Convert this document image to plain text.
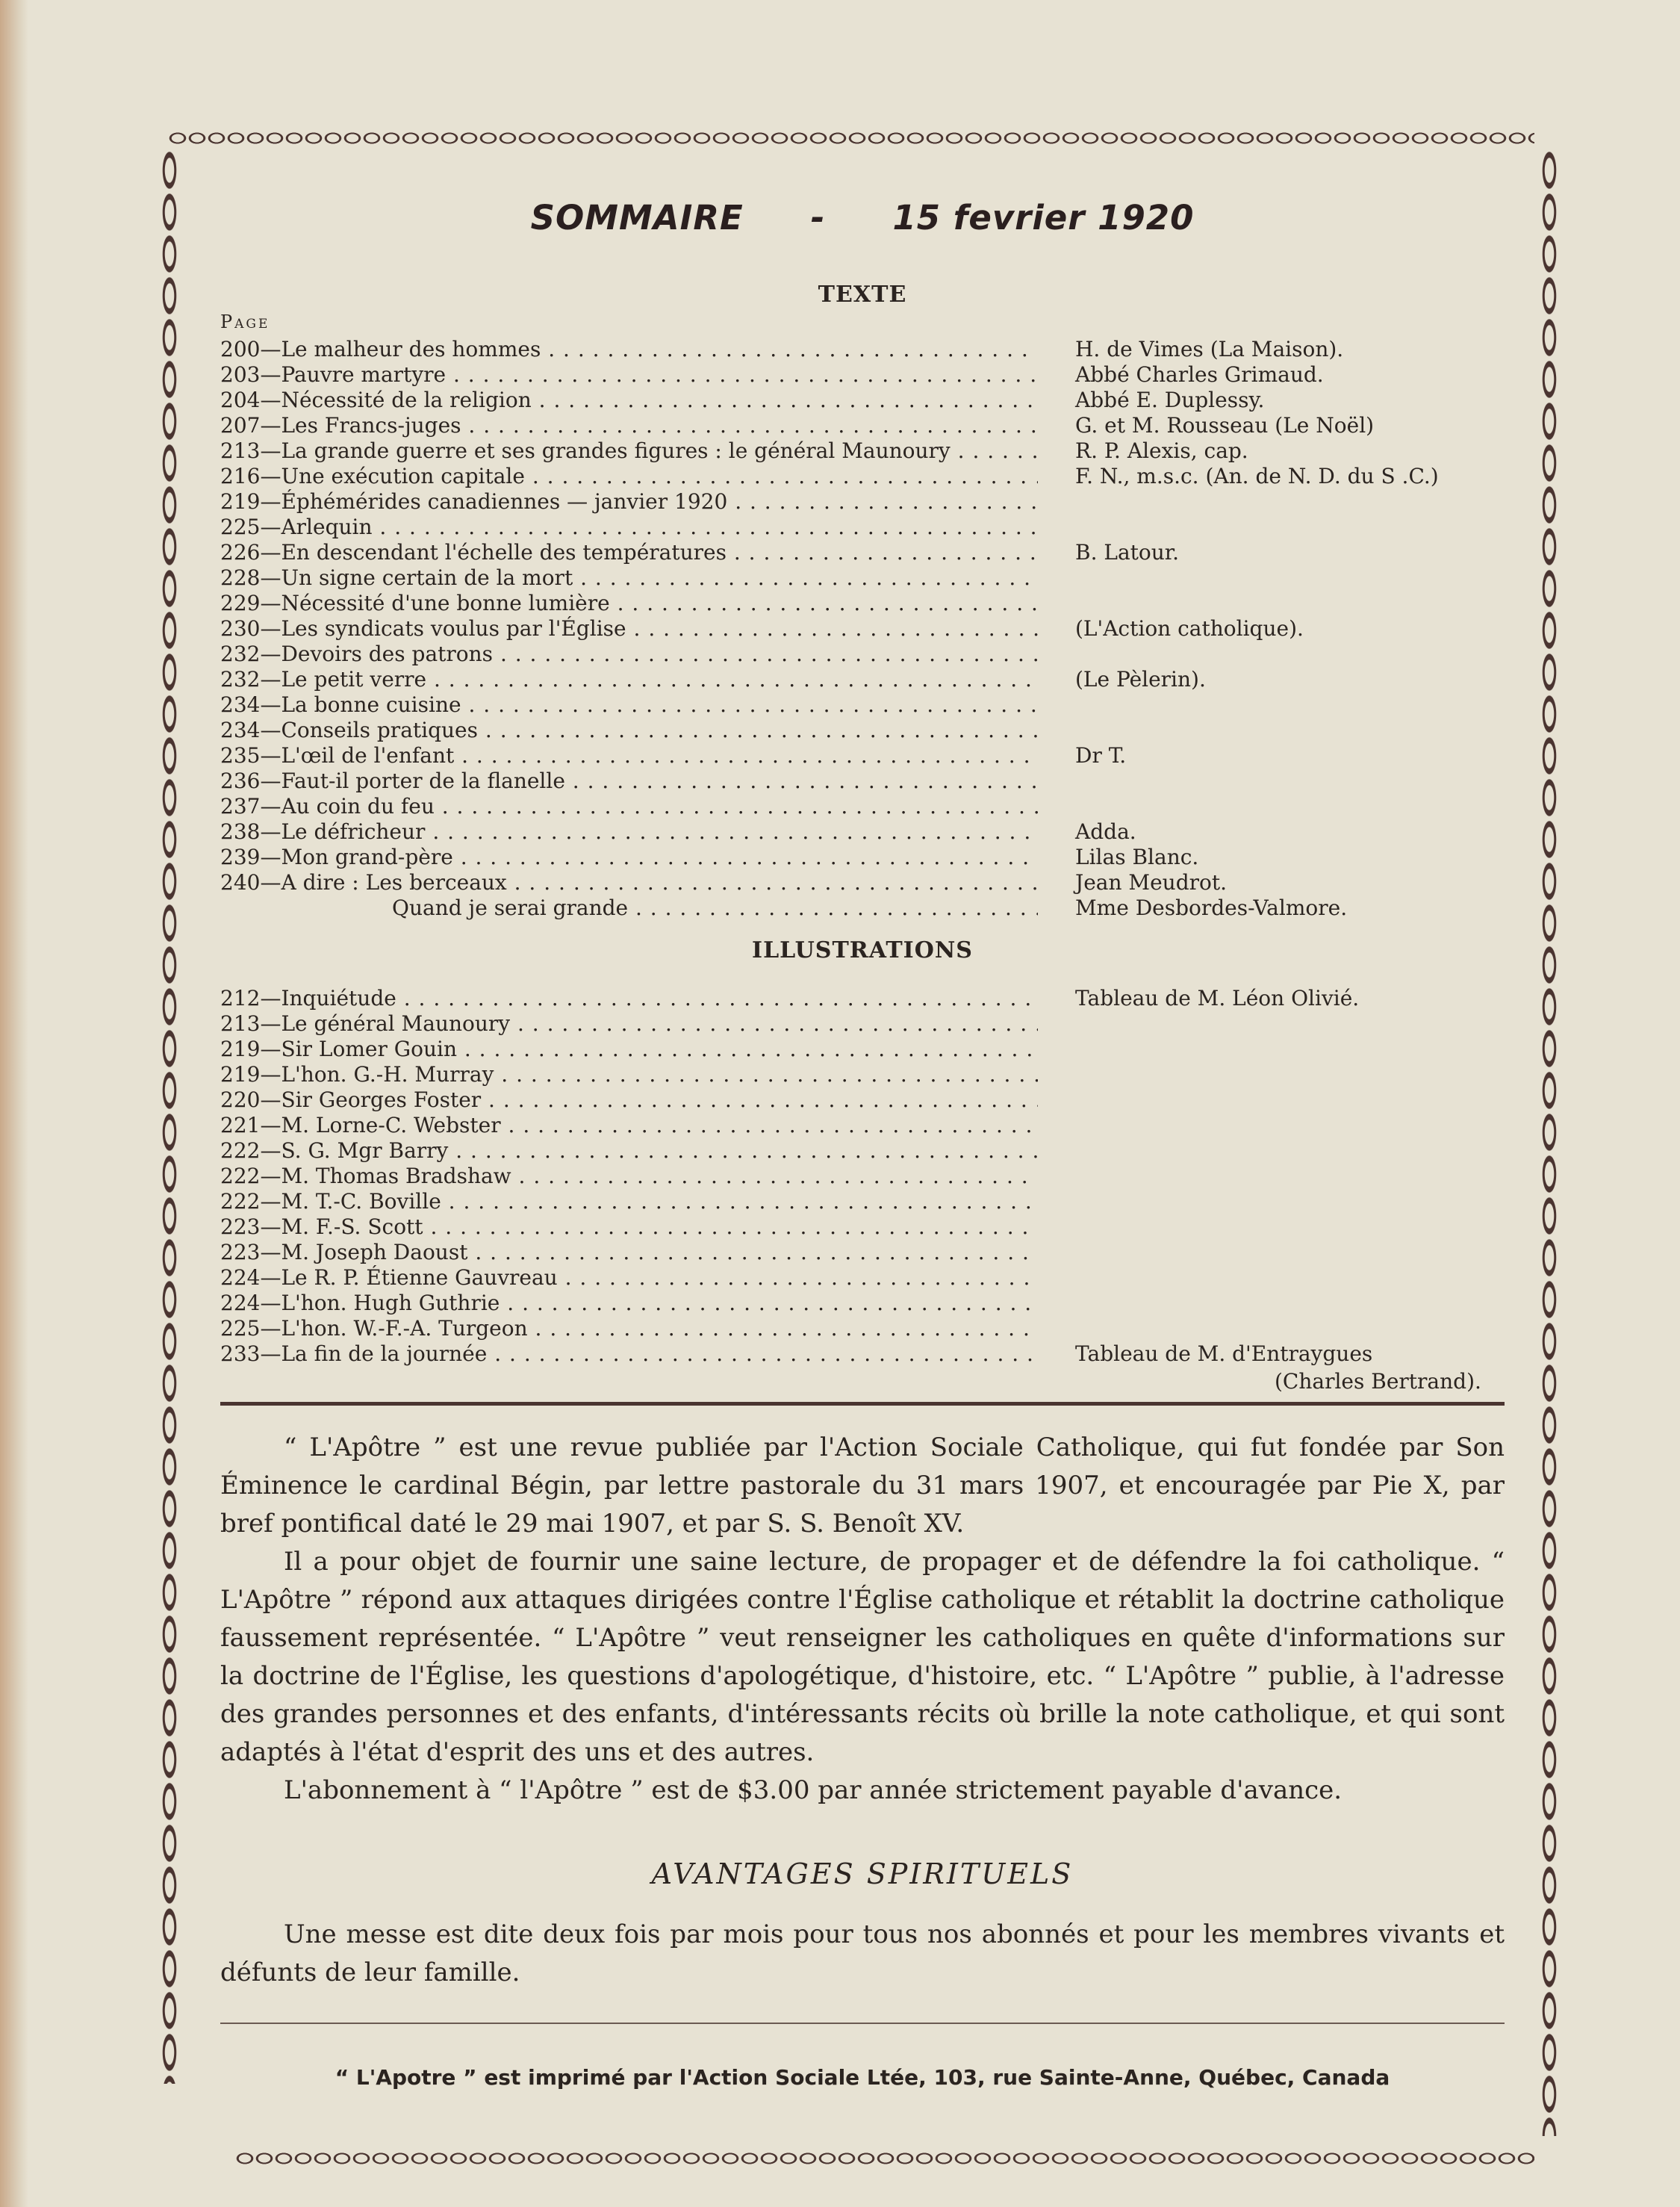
SOMMAIRE - 15 fevrier 1920
TEXTE
Page
200—Le malheur des hommes . . .	H. de Vimes (La Maison).
203—Pauvre martyre . . .	Abbé Charles Grimaud.
204—Nécessité de la religion . . .	Abbé E. Duplessy.
207—Les Francs-juges . . .	G. et M. Rousseau (Le Noël)
213—La grande guerre et ses grandes figures : le général Maunoury . . .	R. P. Alexis, cap.
216—Une exécution capitale . . .	F. N., m.s.c. (An. de N. D. du S .C.)
219—Éphémérides canadiennes — janvier 1920 . . .
225—Arlequin . . .
226—En descendant l'échelle des températures . . .	B. Latour.
228—Un signe certain de la mort . . .
229—Nécessité d'une bonne lumière . . .
230—Les syndicats voulus par l'Église . . .	(L'Action catholique).
232—Devoirs des patrons . . .
232—Le petit verre . . .	(Le Pèlerin).
234—La bonne cuisine . . .
234—Conseils pratiques . . .
235—L'œil de l'enfant . . .	Dr T.
236—Faut-il porter de la flanelle . . .
237—Au coin du feu . . .
238—Le défricheur . . .	Adda.
239—Mon grand-père . . .	Lilas Blanc.
240—A dire : Les berceaux . . .	Jean Meudrot.
Quand je serai grande . . .	Mme Desbordes-Valmore.
ILLUSTRATIONS
212—Inquiétude . . .	Tableau de M. Léon Olivié.
213—Le général Maunoury . . .
219—Sir Lomer Gouin . . .
219—L'hon. G.-H. Murray . . .
220—Sir Georges Foster . . .
221—M. Lorne-C. Webster . . .
222—S. G. Mgr Barry . . .
222—M. Thomas Bradshaw . . .
222—M. T.-C. Boville . . .
223—M. F.-S. Scott . . .
223—M. Joseph Daoust . . .
224—Le R. P. Étienne Gauvreau . . .
224—L'hon. Hugh Guthrie . . .
225—L'hon. W.-F.-A. Turgeon . . .
233—La fin de la journée . . .	Tableau de M. d'Entraygues
(Charles Bertrand).

“ L'Apôtre ” est une revue publiée par l'Action Sociale Catholique, qui fut fondée par Son Éminence le cardinal Bégin, par lettre pastorale du 31 mars 1907, et encouragée par Pie X, par bref pontifical daté le 29 mai 1907, et par S. S. Benoît XV.

Il a pour objet de fournir une saine lecture, de propager et de défendre la foi catholique. “ L'Apôtre ” répond aux attaques dirigées contre l'Église catholique et rétablit la doctrine catholique faussement représentée. “ L'Apôtre ” veut renseigner les catholiques en quête d'informations sur la doctrine de l'Église, les questions d'apologétique, d'histoire, etc. “ L'Apôtre ” publie, à l'adresse des grandes personnes et des enfants, d'intéressants récits où brille la note catholique, et qui sont adaptés à l'état d'esprit des uns et des autres.

L'abonnement à “ l'Apôtre ” est de $3.00 par année strictement payable d'avance.

AVANTAGES SPIRITUELS

Une messe est dite deux fois par mois pour tous nos abonnés et pour les membres vivants et défunts de leur famille.

“ L'Apotre ” est imprimé par l'Action Sociale Ltée, 103, rue Sainte-Anne, Québec, Canada
